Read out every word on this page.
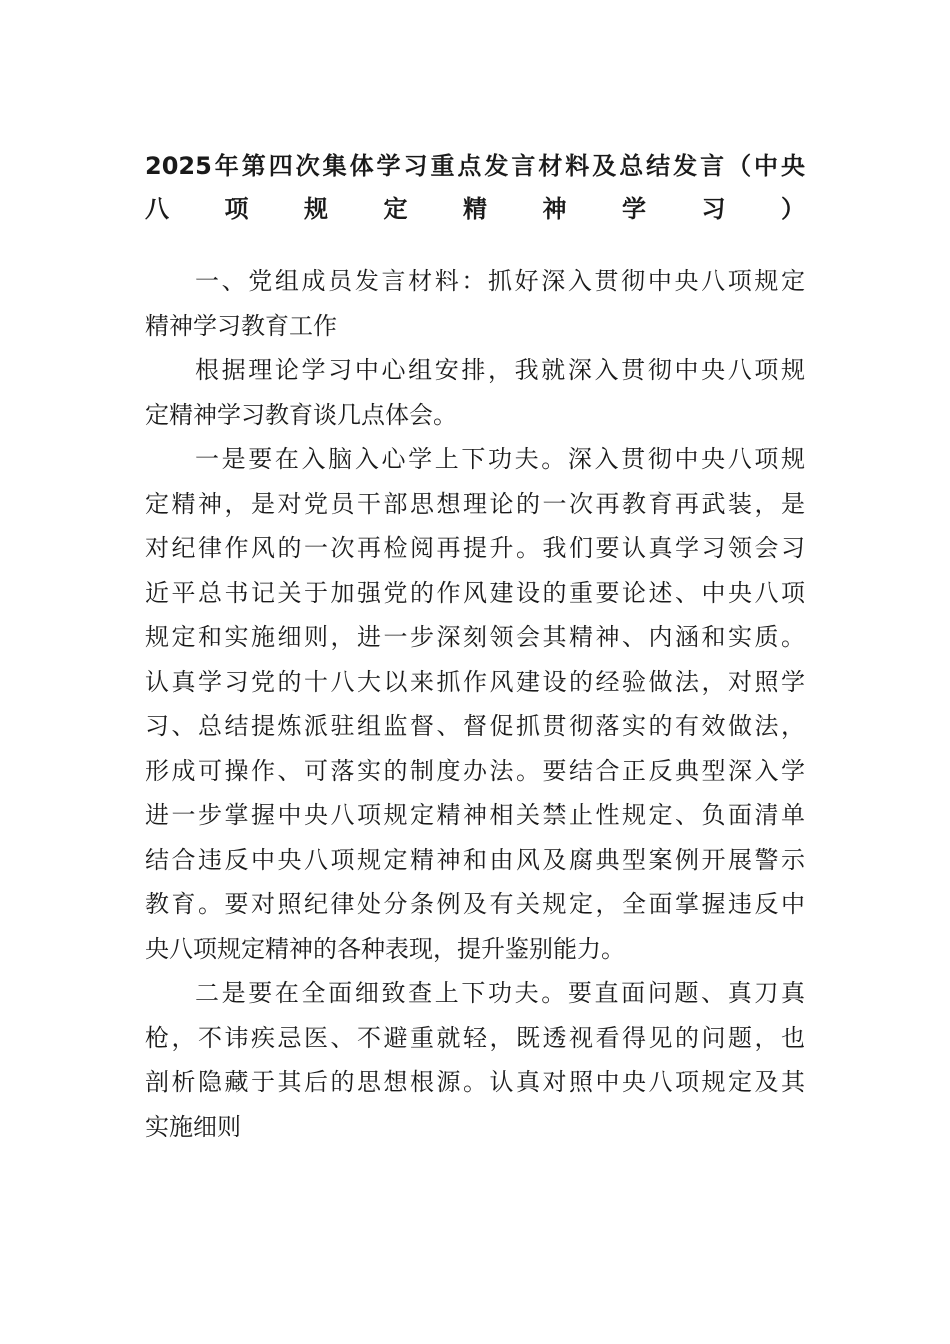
2025年第四次集体学习重点发言材料及总结发言（中央
八项规定精神学习）

一、党组成员发言材料：抓好深入贯彻中央八项规定
精神学习教育工作

根据理论学习中心组安排，我就深入贯彻中央八项规
定精神学习教育谈几点体会。

一是要在入脑入心学上下功夫。深入贯彻中央八项规
定精神，是对党员干部思想理论的一次再教育再武装，是
对纪律作风的一次再检阅再提升。我们要认真学习领会习
近平总书记关于加强党的作风建设的重要论述、中央八项
规定和实施细则，进一步深刻领会其精神、内涵和实质。
认真学习党的十八大以来抓作风建设的经验做法，对照学
习、总结提炼派驻组监督、督促抓贯彻落实的有效做法，
形成可操作、可落实的制度办法。要结合正反典型深入学
进一步掌握中央八项规定精神相关禁止性规定、负面清单
结合违反中央八项规定精神和由风及腐典型案例开展警示
教育。要对照纪律处分条例及有关规定，全面掌握违反中
央八项规定精神的各种表现，提升鉴别能力。

二是要在全面细致查上下功夫。要直面问题、真刀真
枪，不讳疾忌医、不避重就轻，既透视看得见的问题，也
剖析隐藏于其后的思想根源。认真对照中央八项规定及其
实施细则
